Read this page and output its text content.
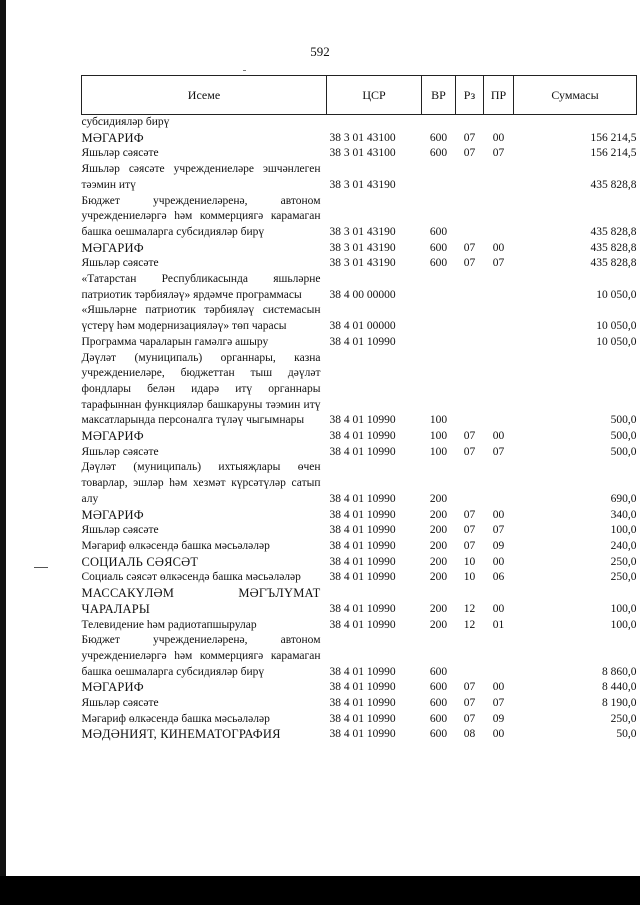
592
Исеме	ЦСР	ВР	Рз	ПР	Суммасы
субсидияләр бирү					
МӘГАРИФ	38 3 01 43100	600	07	00	156 214,5
Яшьләр сәясәте	38 3 01 43100	600	07	07	156 214,5
Яшьләр сәясәте учреждениеләре эшчәнлеген тәэмин итү	38 3 01 43190				435 828,8
Бюджет учреждениеләренә, автоном учреждениеләргә һәм коммерциягә карамаган башка оешмаларга субсидияләр бирү	38 3 01 43190	600			435 828,8
МӘГАРИФ	38 3 01 43190	600	07	00	435 828,8
Яшьләр сәясәте	38 3 01 43190	600	07	07	435 828,8
«Татарстан Республикасында яшьләрне патриотик тәрбияләү» ярдәмче программасы	38 4 00 00000				10 050,0
«Яшьләрне патриотик тәрбияләү системасын үстерү һәм модернизацияләү» төп чарасы	38 4 01 00000				10 050,0
Программа чараларын гамәлгә ашыру	38 4 01 10990				10 050,0
Дәүләт (муниципаль) органнары, казна учреждениеләре, бюджеттан тыш дәүләт фондлары белән идарә итү органнары тарафыннан функцияләр башкаруны тәэмин итү максатларында персоналга түләү чыгымнары	38 4 01 10990	100			500,0
МӘГАРИФ	38 4 01 10990	100	07	00	500,0
Яшьләр сәясәте	38 4 01 10990	100	07	07	500,0
Дәүләт (муниципаль) ихтыяҗлары өчен товарлар, эшләр һәм хезмәт күрсәтүләр сатып алу	38 4 01 10990	200			690,0
МӘГАРИФ	38 4 01 10990	200	07	00	340,0
Яшьләр сәясәте	38 4 01 10990	200	07	07	100,0
Мәгариф өлкәсендә башка мәсьәләләр	38 4 01 10990	200	07	09	240,0
СОЦИАЛЬ СӘЯСӘТ	38 4 01 10990	200	10	00	250,0
Социаль сәясәт өлкәсендә башка мәсьәләләр	38 4 01 10990	200	10	06	250,0
МАССАКҮЛӘМ МӘГЪЛҮМАТ ЧАРАЛАРЫ	38 4 01 10990	200	12	00	100,0
Телевидение һәм радиотапшырулар	38 4 01 10990	200	12	01	100,0
Бюджет учреждениеләренә, автоном учреждениеләргә һәм коммерциягә карамаган башка оешмаларга субсидияләр бирү	38 4 01 10990	600			8 860,0
МӘГАРИФ	38 4 01 10990	600	07	00	8 440,0
Яшьләр сәясәте	38 4 01 10990	600	07	07	8 190,0
Мәгариф өлкәсендә башка мәсьәләләр	38 4 01 10990	600	07	09	250,0
МӘДӘНИЯТ, КИНЕМАТОГРАФИЯ	38 4 01 10990	600	08	00	50,0
